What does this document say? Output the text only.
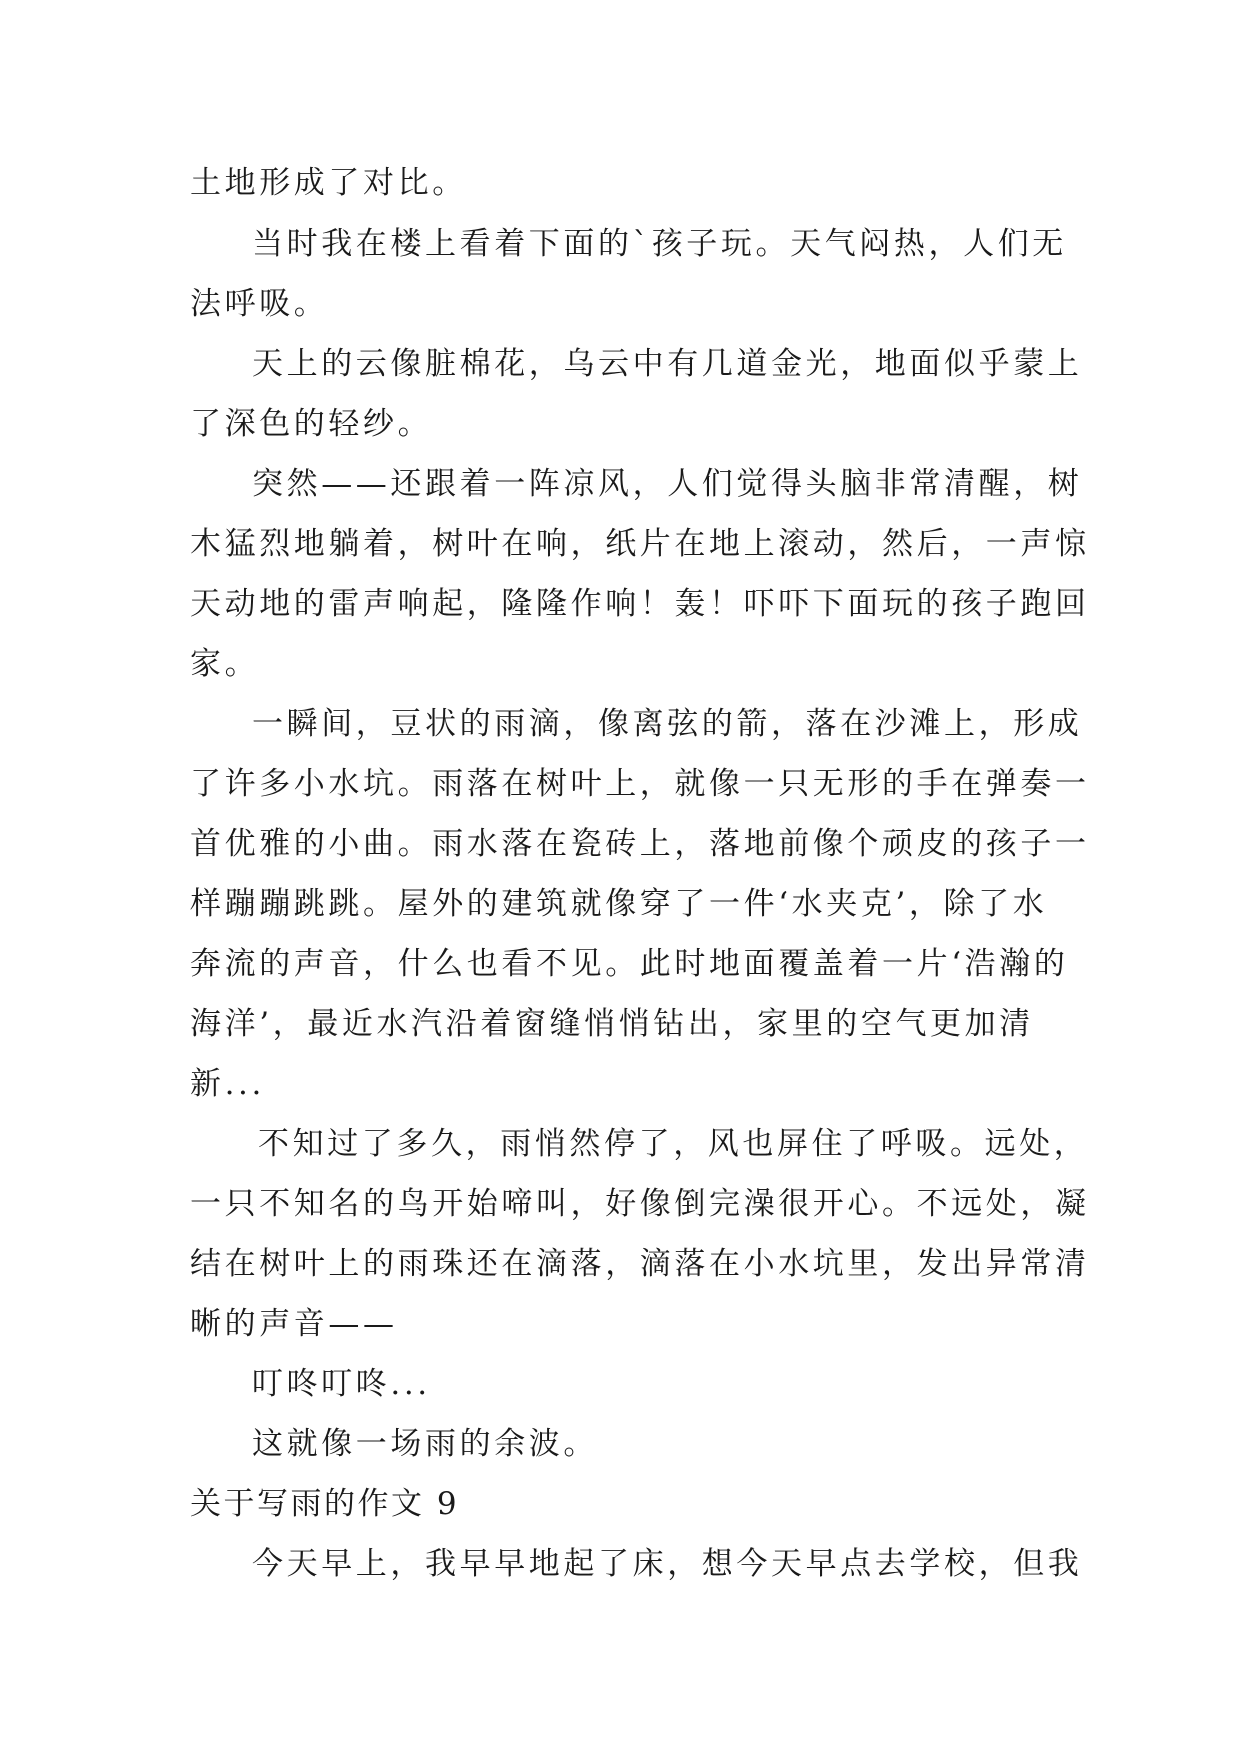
土地形成了对比。
当时我在楼上看着下面的`孩子玩。天气闷热，人们无
法呼吸。
天上的云像脏棉花，乌云中有几道金光，地面似乎蒙上
了深色的轻纱。
突然——还跟着一阵凉风，人们觉得头脑非常清醒，树
木猛烈地躺着，树叶在响，纸片在地上滚动，然后，一声惊
天动地的雷声响起，隆隆作响！轰！吓吓下面玩的孩子跑回
家。
一瞬间，豆状的雨滴，像离弦的箭，落在沙滩上，形成
了许多小水坑。雨落在树叶上，就像一只无形的手在弹奏一
首优雅的小曲。雨水落在瓷砖上，落地前像个顽皮的孩子一
样蹦蹦跳跳。屋外的建筑就像穿了一件‘水夹克’，除了水
奔流的声音，什么也看不见。此时地面覆盖着一片‘浩瀚的
海洋’，最近水汽沿着窗缝悄悄钻出，家里的空气更加清
新...
不知过了多久，雨悄然停了，风也屏住了呼吸。远处，
一只不知名的鸟开始啼叫，好像倒完澡很开心。不远处，凝
结在树叶上的雨珠还在滴落，滴落在小水坑里，发出异常清
晰的声音——
叮咚叮咚...
这就像一场雨的余波。
关于写雨的作文 9
今天早上，我早早地起了床，想今天早点去学校，但我
